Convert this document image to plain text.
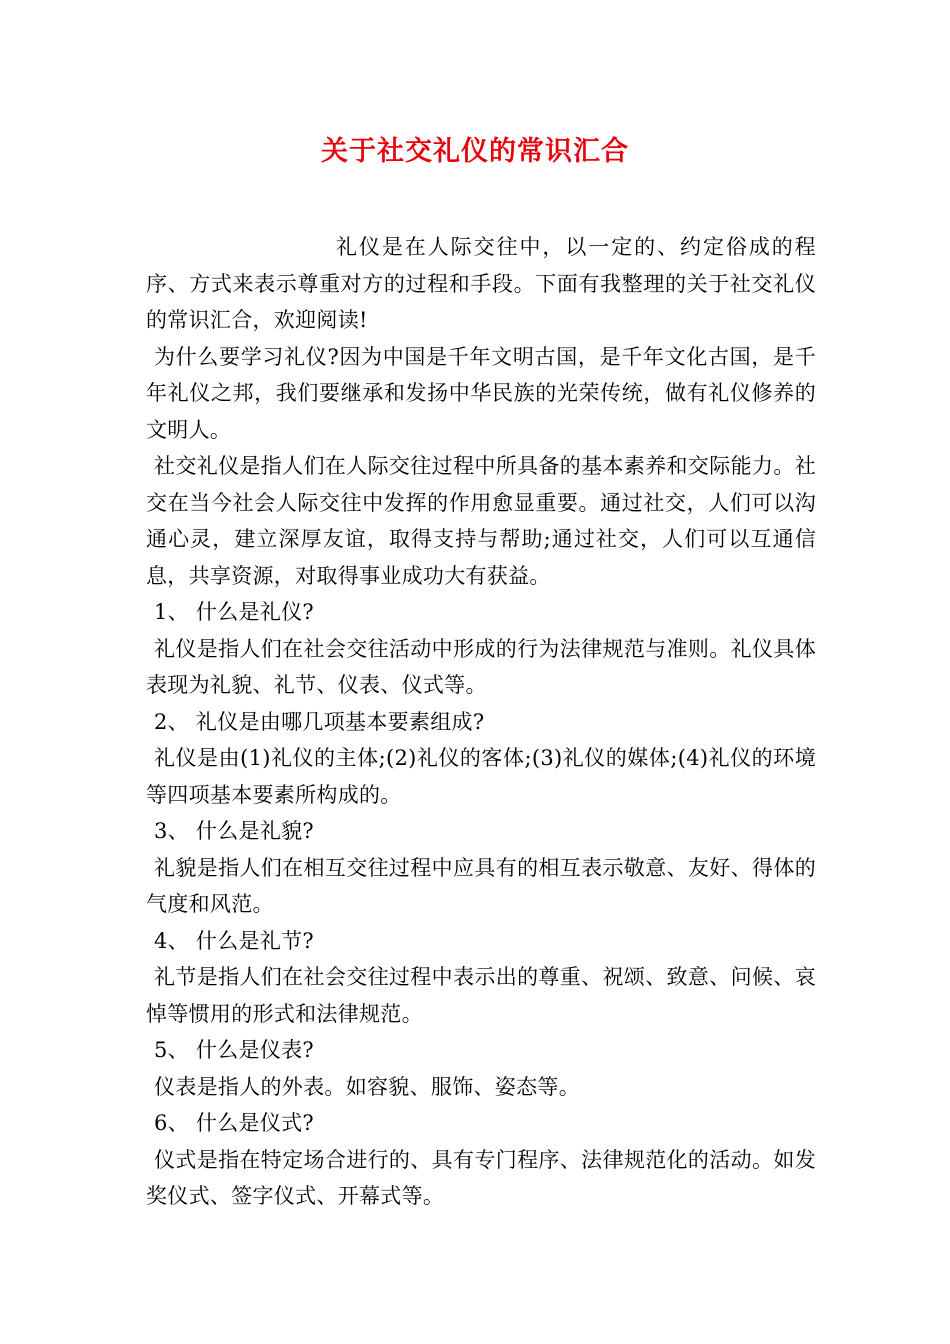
关于社交礼仪的常识汇合

礼仪是在人际交往中，以一定的、约定俗成的程序、方式来表示尊重对方的过程和手段。下面有我整理的关于社交礼仪的常识汇合，欢迎阅读!

为什么要学习礼仪?因为中国是千年文明古国，是千年文化古国，是千年礼仪之邦，我们要继承和发扬中华民族的光荣传统，做有礼仪修养的文明人。

社交礼仪是指人们在人际交往过程中所具备的基本素养和交际能力。社交在当今社会人际交往中发挥的作用愈显重要。通过社交，人们可以沟通心灵，建立深厚友谊，取得支持与帮助;通过社交，人们可以互通信息，共享资源，对取得事业成功大有获益。

1、 什么是礼仪?

礼仪是指人们在社会交往活动中形成的行为法律规范与准则。礼仪具体表现为礼貌、礼节、仪表、仪式等。

2、 礼仪是由哪几项基本要素组成?

礼仪是由(1)礼仪的主体;(2)礼仪的客体;(3)礼仪的媒体;(4)礼仪的环境等四项基本要素所构成的。

3、 什么是礼貌?

礼貌是指人们在相互交往过程中应具有的相互表示敬意、友好、得体的气度和风范。

4、 什么是礼节?

礼节是指人们在社会交往过程中表示出的尊重、祝颂、致意、问候、哀悼等惯用的形式和法律规范。

5、 什么是仪表?

仪表是指人的外表。如容貌、服饰、姿态等。

6、 什么是仪式?

仪式是指在特定场合进行的、具有专门程序、法律规范化的活动。如发奖仪式、签字仪式、开幕式等。
